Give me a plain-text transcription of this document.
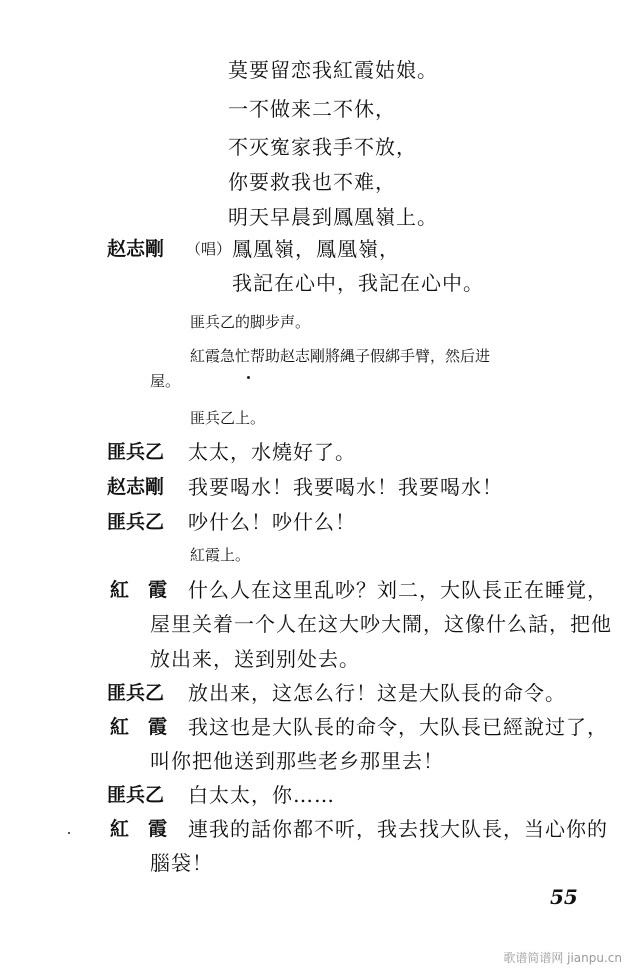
莫要留恋我紅霞姑娘。
一不做来二不休，
不灭寃家我手不放，
你要救我也不难，
明天早晨到鳳凰嶺上。
赵志剛 （唱） 鳳凰嶺，鳳凰嶺，
我記在心中，我記在心中。
匪兵乙的脚步声。
紅霞急忙帮助赵志剛將縄子假綁手臂，然后进
屋。
匪兵乙上。
匪兵乙 太太，水燒好了。
赵志剛 我要喝水！我要喝水！我要喝水！
匪兵乙 吵什么！吵什么！
紅霞上。
紅　霞 什么人在这里乱吵？刘二，大队長正在睡覚，
屋里关着一个人在这大吵大鬧，这像什么話，把他
放出来，送到别处去。
匪兵乙 放出来，这怎么行！这是大队長的命令。
紅　霞 我这也是大队長的命令，大队長已經說过了，
叫你把他送到那些老乡那里去！
匪兵乙 白太太，你……
紅　霞 連我的話你都不听，我去找大队長，当心你的
腦袋！
55
歌谱简谱网 jianpu.cn
